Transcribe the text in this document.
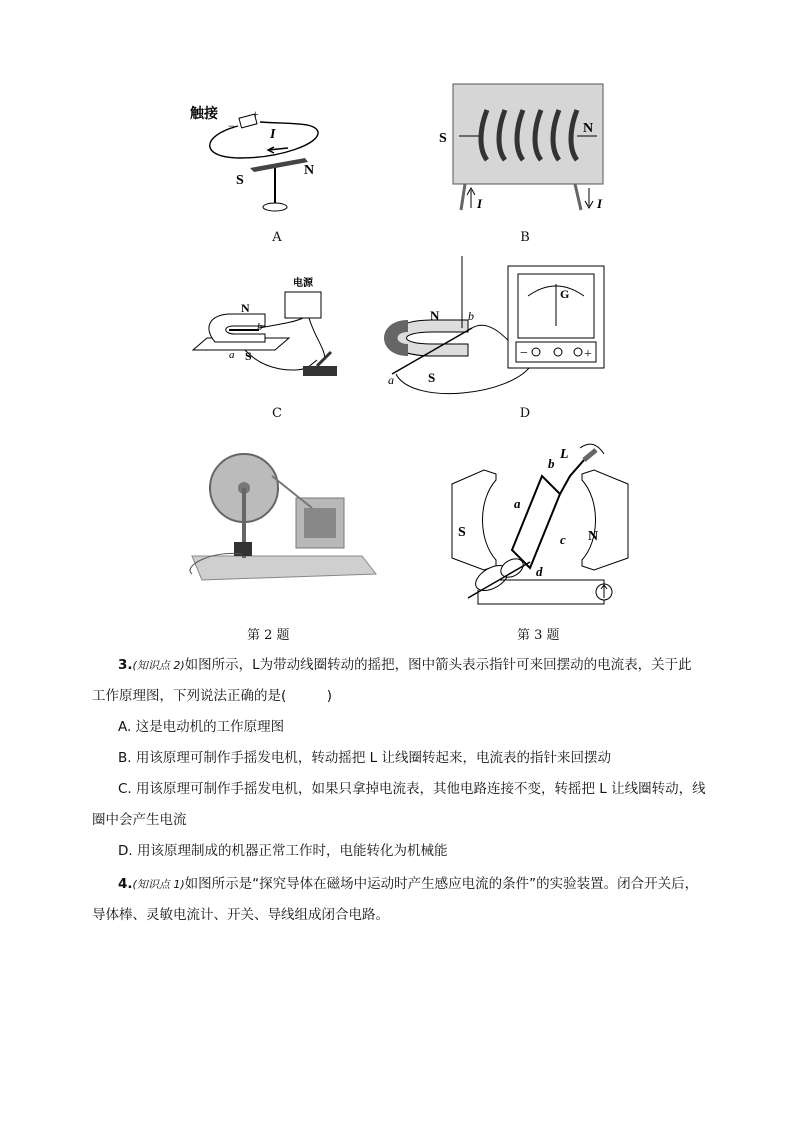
触接
−
+
I
S
N
A
S
N
I	I
B
电源
N
S
a
b
C
N
S
a
b
G
−	+
D
第 2 题
S	N
a
b
c
d
L
第 3 题
3.(知识点 2)如图所示，L为带动线圈转动的摇把，图中箭头表示指针可来回摆动的电流表，关于此工作原理图，下列说法正确的是(　　　)
A. 这是电动机的工作原理图
B. 用该原理可制作手摇发电机，转动摇把 L 让线圈转起来，电流表的指针来回摆动
C. 用该原理可制作手摇发电机，如果只拿掉电流表，其他电路连接不变，转摇把 L 让线圈转动，线圈中会产生电流
D. 用该原理制成的机器正常工作时，电能转化为机械能
4.(知识点 1)如图所示是“探究导体在磁场中运动时产生感应电流的条件”的实验装置。闭合开关后，导体棒、灵敏电流计、开关、导线组成闭合电路。
